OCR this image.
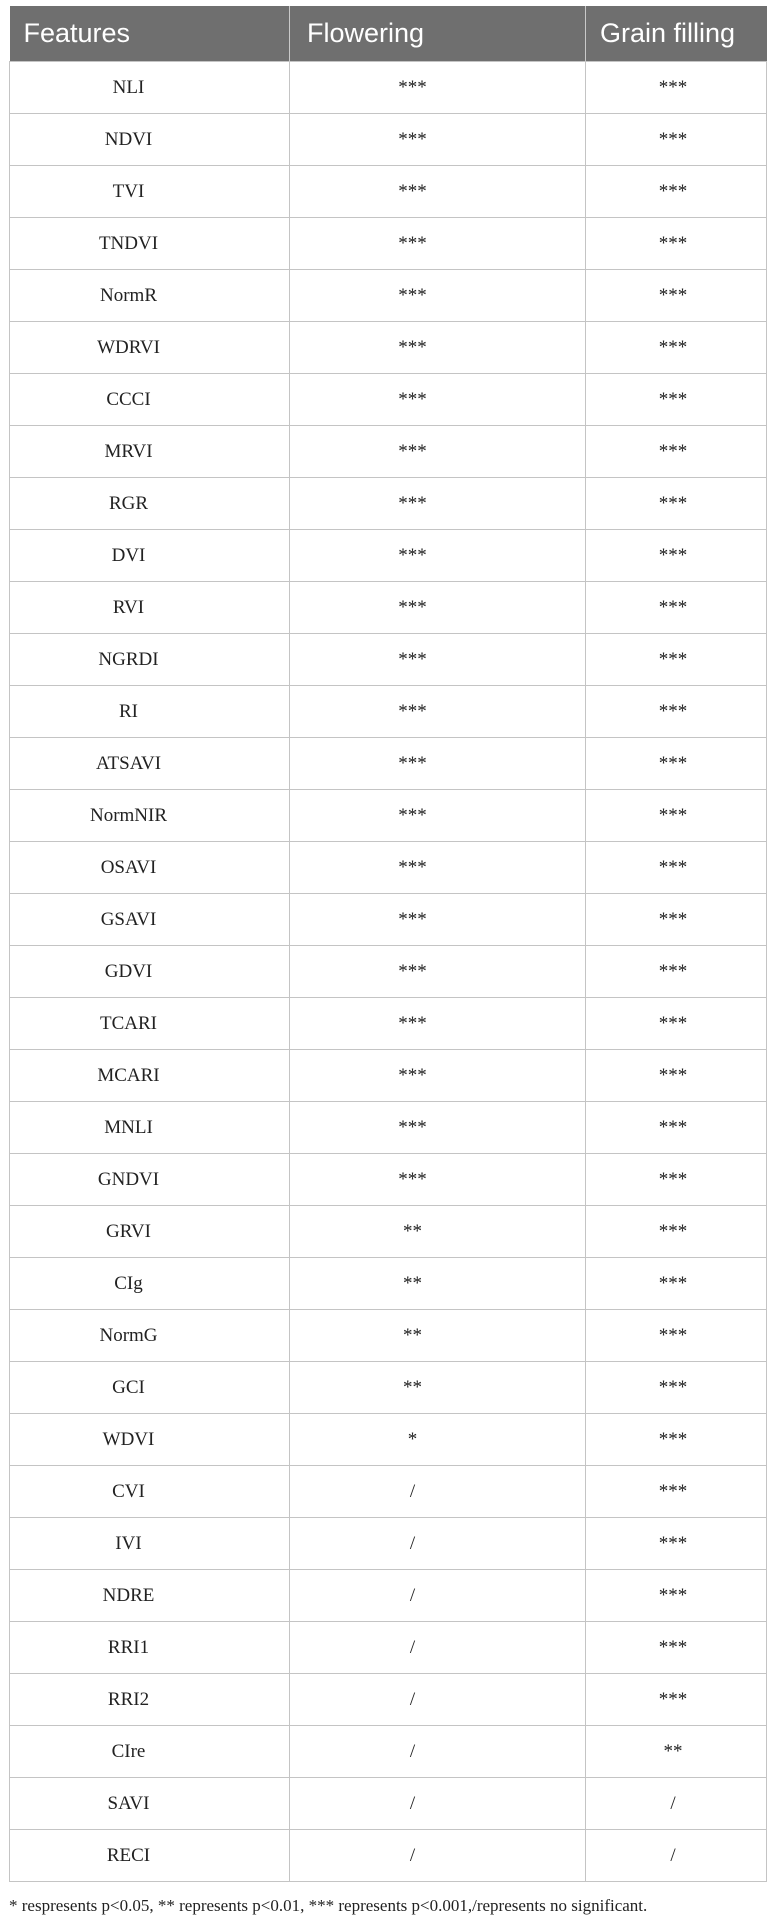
Features	Flowering	Grain filling
NLI	***	***
NDVI	***	***
TVI	***	***
TNDVI	***	***
NormR	***	***
WDRVI	***	***
CCCI	***	***
MRVI	***	***
RGR	***	***
DVI	***	***
RVI	***	***
NGRDI	***	***
RI	***	***
ATSAVI	***	***
NormNIR	***	***
OSAVI	***	***
GSAVI	***	***
GDVI	***	***
TCARI	***	***
MCARI	***	***
MNLI	***	***
GNDVI	***	***
GRVI	**	***
CIg	**	***
NormG	**	***
GCI	**	***
WDVI	*	***
CVI	/	***
IVI	/	***
NDRE	/	***
RRI1	/	***
RRI2	/	***
CIre	/	**
SAVI	/	/
RECI	/	/
* respresents p<0.05, ** represents p<0.01, *** represents p<0.001,/represents no significant.
